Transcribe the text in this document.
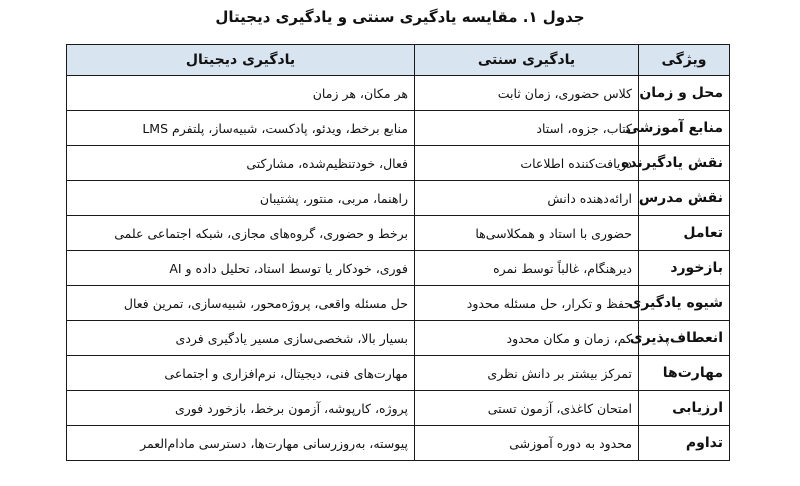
جدول ۱. مقایسه یادگیری سنتی و یادگیری دیجیتال
ویژگی	یادگیری سنتی	یادگیری دیجیتال
محل و زمان	کلاس حضوری، زمان ثابت	هر مکان، هر زمان
منابع آموزشی	کتاب، جزوه، استاد	منابع برخط، ویدئو، پادکست، شبیه‌ساز، پلتفرم LMS
نقش یادگیرنده	دریافت‌کننده اطلاعات	فعال، خودتنظیم‌شده، مشارکتی
نقش مدرس	ارائه‌دهنده دانش	راهنما، مربی، منتور، پشتیبان
تعامل	حضوری با استاد و همکلاسی‌ها	برخط و حضوری، گروه‌های مجازی، شبکه اجتماعی علمی
بازخورد	دیرهنگام، غالباً توسط نمره	فوری، خودکار یا توسط استاد، تحلیل داده و AI
شیوه یادگیری	حفظ و تکرار، حل مسئله محدود	حل مسئله واقعی، پروژه‌محور، شبیه‌سازی، تمرین فعال
انعطاف‌پذیری	کم، زمان و مکان محدود	بسیار بالا، شخصی‌سازی مسیر یادگیری فردی
مهارت‌ها	تمرکز بیشتر بر دانش نظری	مهارت‌های فنی، دیجیتال، نرم‌افزاری و اجتماعی
ارزیابی	امتحان کاغذی، آزمون تستی	پروژه، کارپوشه، آزمون برخط، بازخورد فوری
تداوم	محدود به دوره آموزشی	پیوسته، به‌روزرسانی مهارت‌ها، دسترسی مادام‌العمر
